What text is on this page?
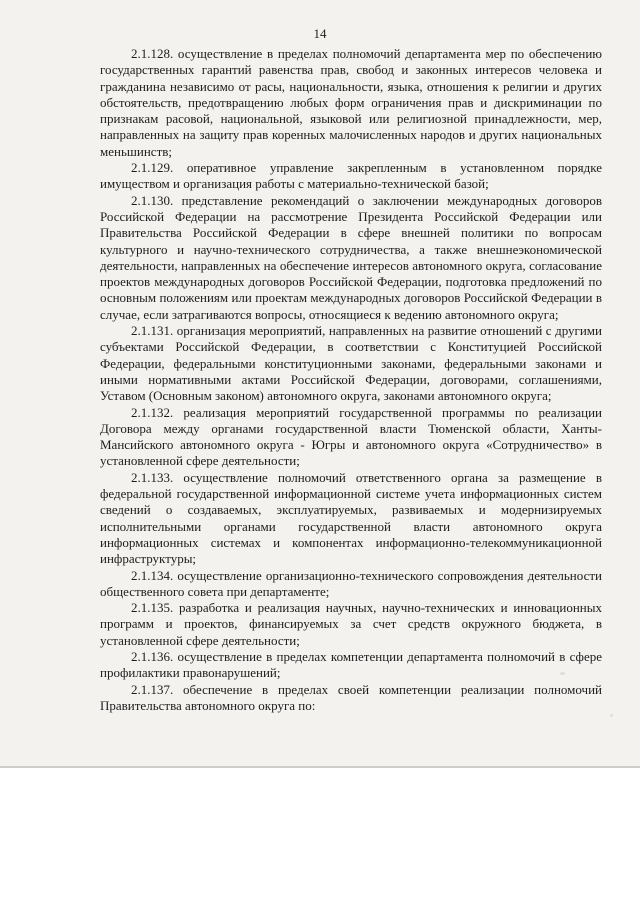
14

2.1.128. осуществление в пределах полномочий департамента мер по обеспечению государственных гарантий равенства прав, свобод и законных интересов человека и гражданина независимо от расы, национальности, языка, отношения к религии и других обстоятельств, предотвращению любых форм ограничения прав и дискриминации по признакам расовой, национальной, языковой или религиозной принадлежности, мер, направленных на защиту прав коренных малочисленных народов и других национальных меньшинств;

2.1.129. оперативное управление закрепленным в установленном порядке имуществом и организация работы с материально-технической базой;

2.1.130. представление рекомендаций о заключении международных договоров Российской Федерации на рассмотрение Президента Российской Федерации или Правительства Российской Федерации в сфере внешней политики по вопросам культурного и научно-технического сотрудничества, а также внешнеэкономической деятельности, направленных на обеспечение интересов автономного округа, согласование проектов международных договоров Российской Федерации, подготовка предложений по основным положениям или проектам международных договоров Российской Федерации в случае, если затрагиваются вопросы, относящиеся к ведению автономного округа;

2.1.131. организация мероприятий, направленных на развитие отношений с другими субъектами Российской Федерации, в соответствии с Конституцией Российской Федерации, федеральными конституционными законами, федеральными законами и иными нормативными актами Российской Федерации, договорами, соглашениями, Уставом (Основным законом) автономного округа, законами автономного округа;

2.1.132. реализация мероприятий государственной программы по реализации Договора между органами государственной власти Тюменской области, Ханты-Мансийского автономного округа - Югры и автономного округа «Сотрудничество» в установленной сфере деятельности;

2.1.133. осуществление полномочий ответственного органа за размещение в федеральной государственной информационной системе учета информационных систем сведений о создаваемых, эксплуатируемых, развиваемых и модернизируемых исполнительными органами государственной власти автономного округа информационных системах и компонентах информационно-телекоммуникационной инфраструктуры;

2.1.134. осуществление организационно-технического сопровождения деятельности общественного совета при департаменте;

2.1.135. разработка и реализация научных, научно-технических и инновационных программ и проектов, финансируемых за счет средств окружного бюджета, в установленной сфере деятельности;

2.1.136. осуществление в пределах компетенции департамента полномочий в сфере профилактики правонарушений;

2.1.137. обеспечение в пределах своей компетенции реализации полномочий Правительства автономного округа по:
